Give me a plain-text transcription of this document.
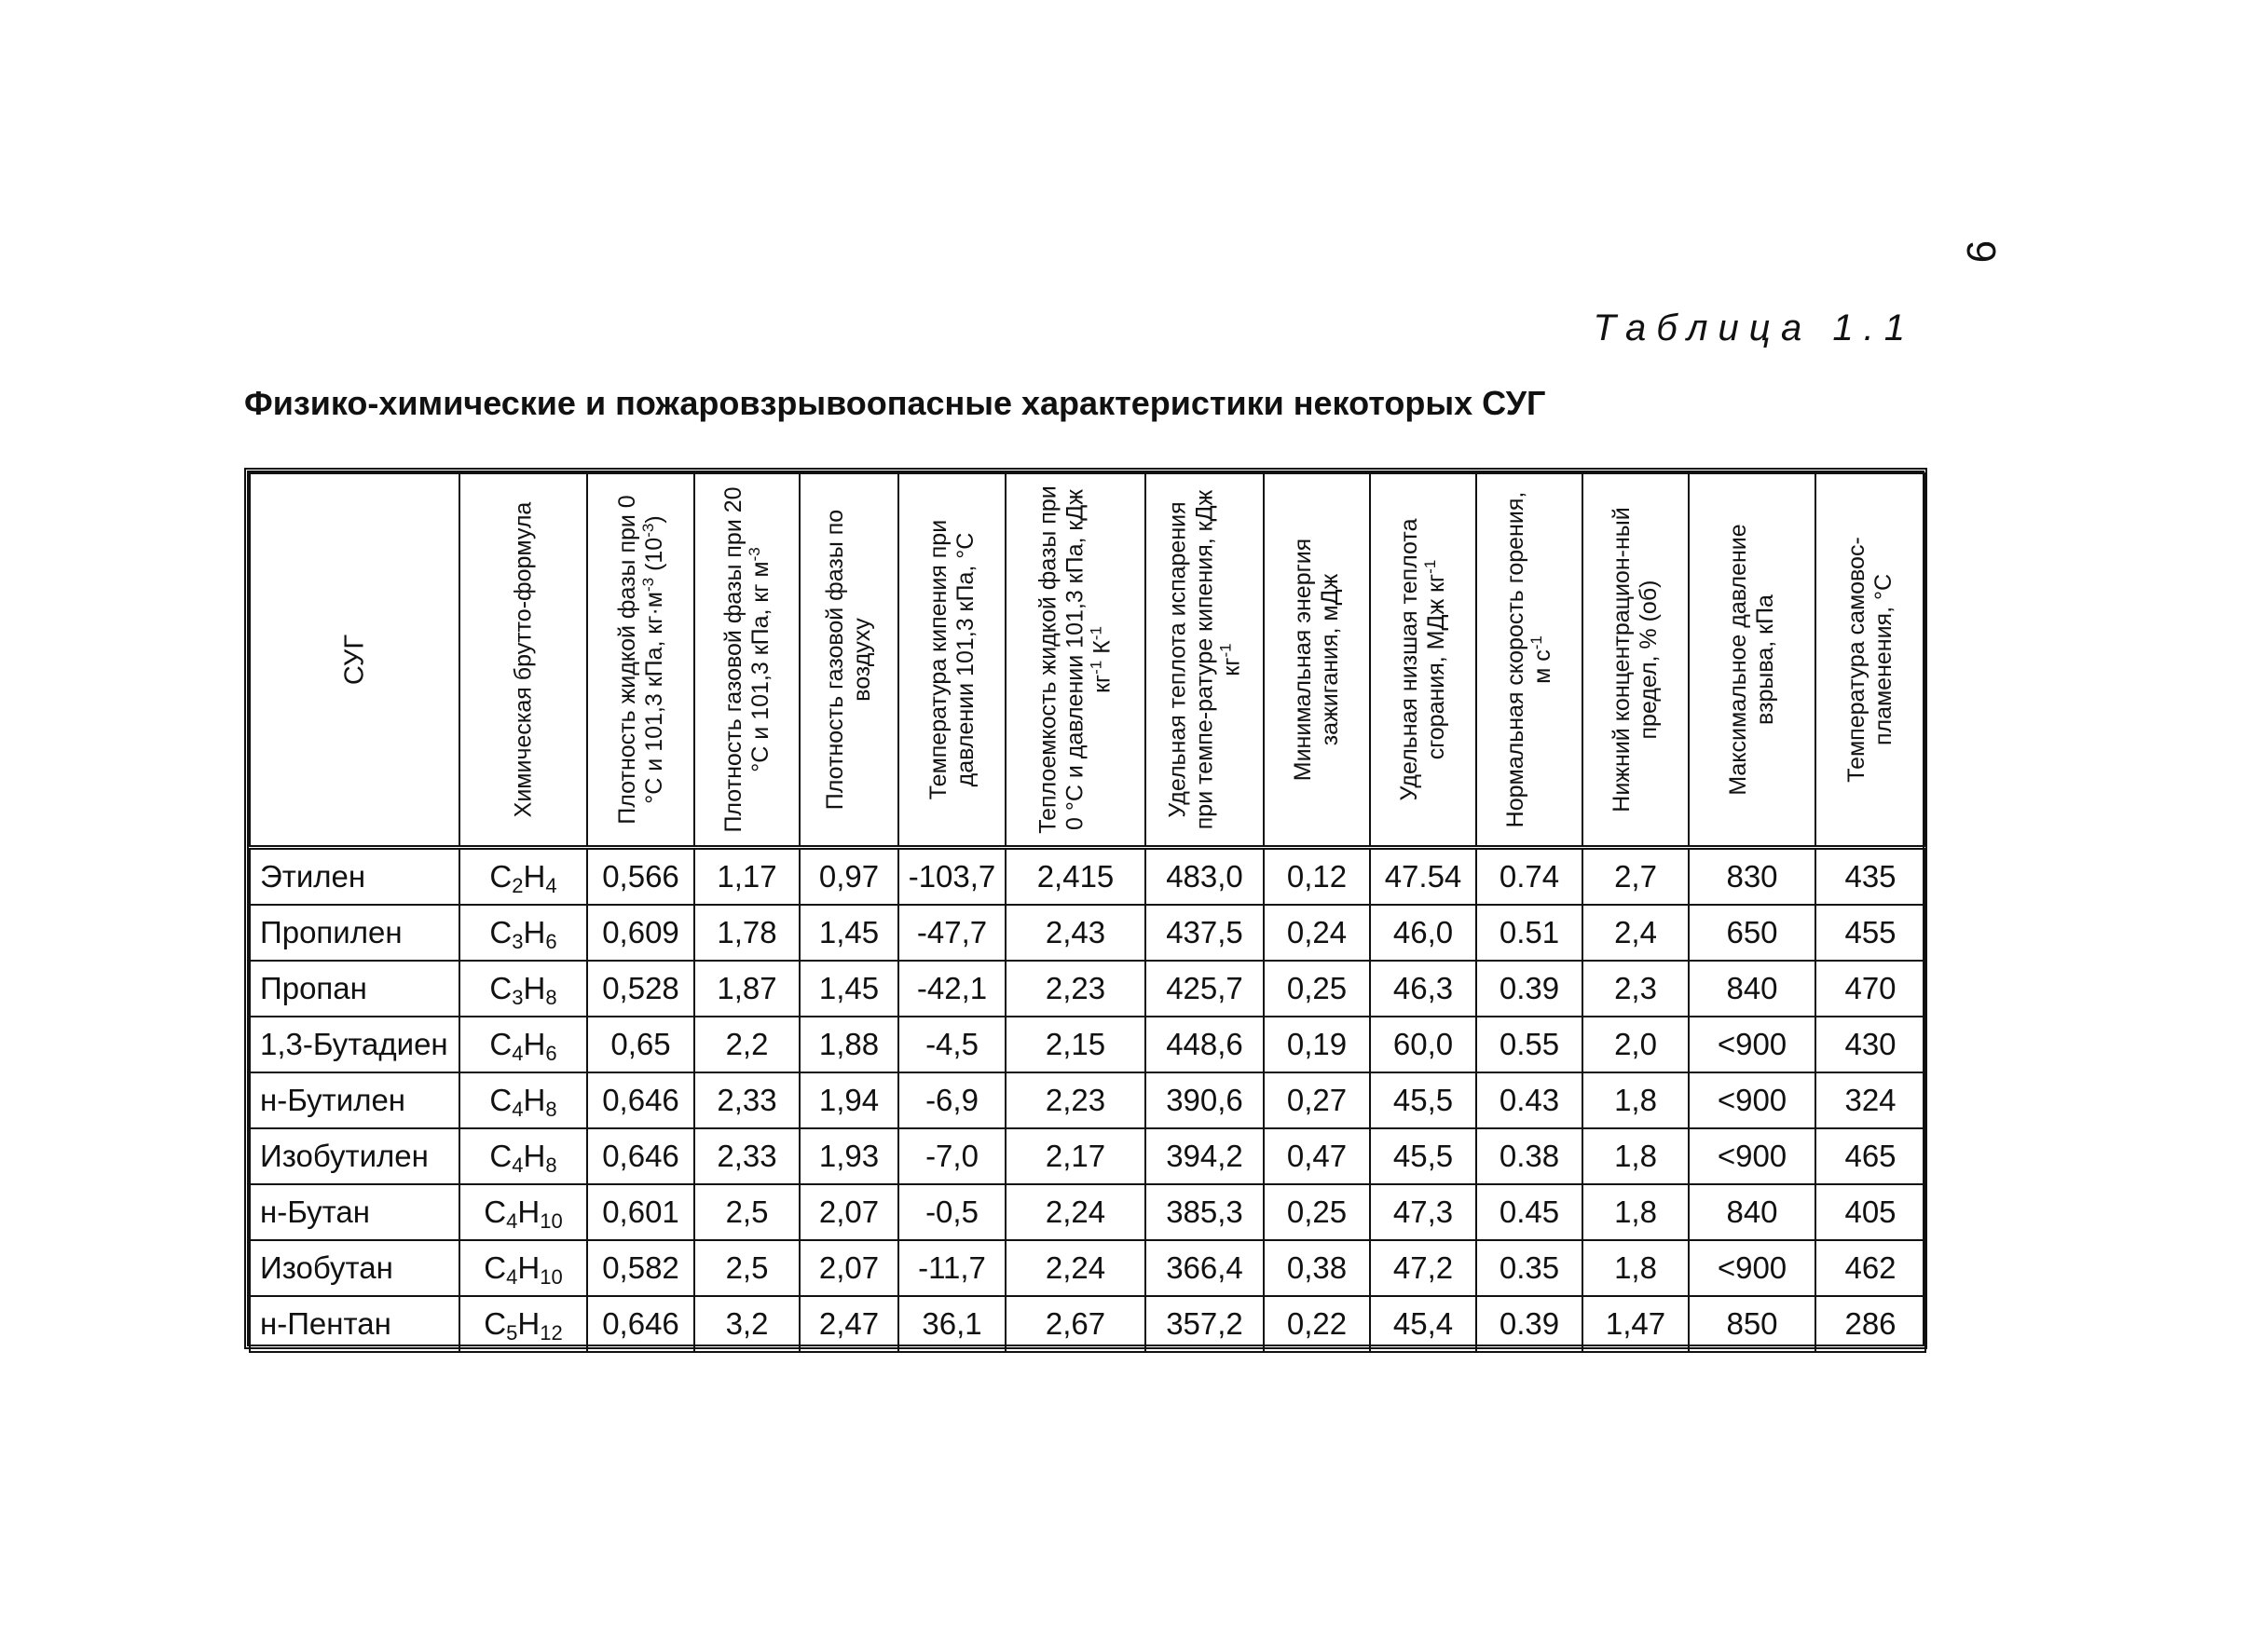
9
Таблица 1.1
Физико-химические и пожаровзрывоопасные характеристики некоторых СУГ
СУГ	Химическая брутто-формула	Плотность жидкой фазы при 0 °С и 101,3 кПа, $кг\cdot м^{-3}$ $(10^{-3})$	Плотность газовой фазы при 20 °С и 101,3 кПа, кг $м^{-3}$	Плотность газовой фазы по воздуху	Температура кипения при давлении 101,3 кПа, °С	Теплоемкость жидкой фазы при 0 °С и давлении 101,3 кПа, кДж $кг^{-1}$ $К^{-1}$	Удельная теплота испарения при темпе-ратуре кипения, кДж $кг^{-1}$	Минимальная энергия зажигания, мДж	Удельная низшая теплота сгорания, МДж $кг^{-1}$	Нормальная скорость горения, м $с^{-1}$	Нижний концентрацион-ный предел, % (об)	Максимальное давление взрыва, кПа	Температура самовос-пламенения, °С

Этилен	$C_2H_4$	0,566	1,17	0,97	-103,7	2,415	483,0	0,12	47.54	0.74	2,7	830	435
Пропилен	$C_3H_6$	0,609	1,78	1,45	-47,7	2,43	437,5	0,24	46,0	0.51	2,4	650	455
Пропан	$C_3H_8$	0,528	1,87	1,45	-42,1	2,23	425,7	0,25	46,3	0.39	2,3	840	470
1,3-Бутадиен	$C_4H_6$	0,65	2,2	1,88	-4,5	2,15	448,6	0,19	60,0	0.55	2,0	<900	430
н-Бутилен	$C_4H_8$	0,646	2,33	1,94	-6,9	2,23	390,6	0,27	45,5	0.43	1,8	<900	324
Изобутилен	$C_4H_8$	0,646	2,33	1,93	-7,0	2,17	394,2	0,47	45,5	0.38	1,8	<900	465
н-Бутан	$C_4H_{10}$	0,601	2,5	2,07	-0,5	2,24	385,3	0,25	47,3	0.45	1,8	840	405
Изобутан	$C_4H_{10}$	0,582	2,5	2,07	-11,7	2,24	366,4	0,38	47,2	0.35	1,8	<900	462
н-Пентан	$C_5H_{12}$	0,646	3,2	2,47	36,1	2,67	357,2	0,22	45,4	0.39	1,47	850	286
